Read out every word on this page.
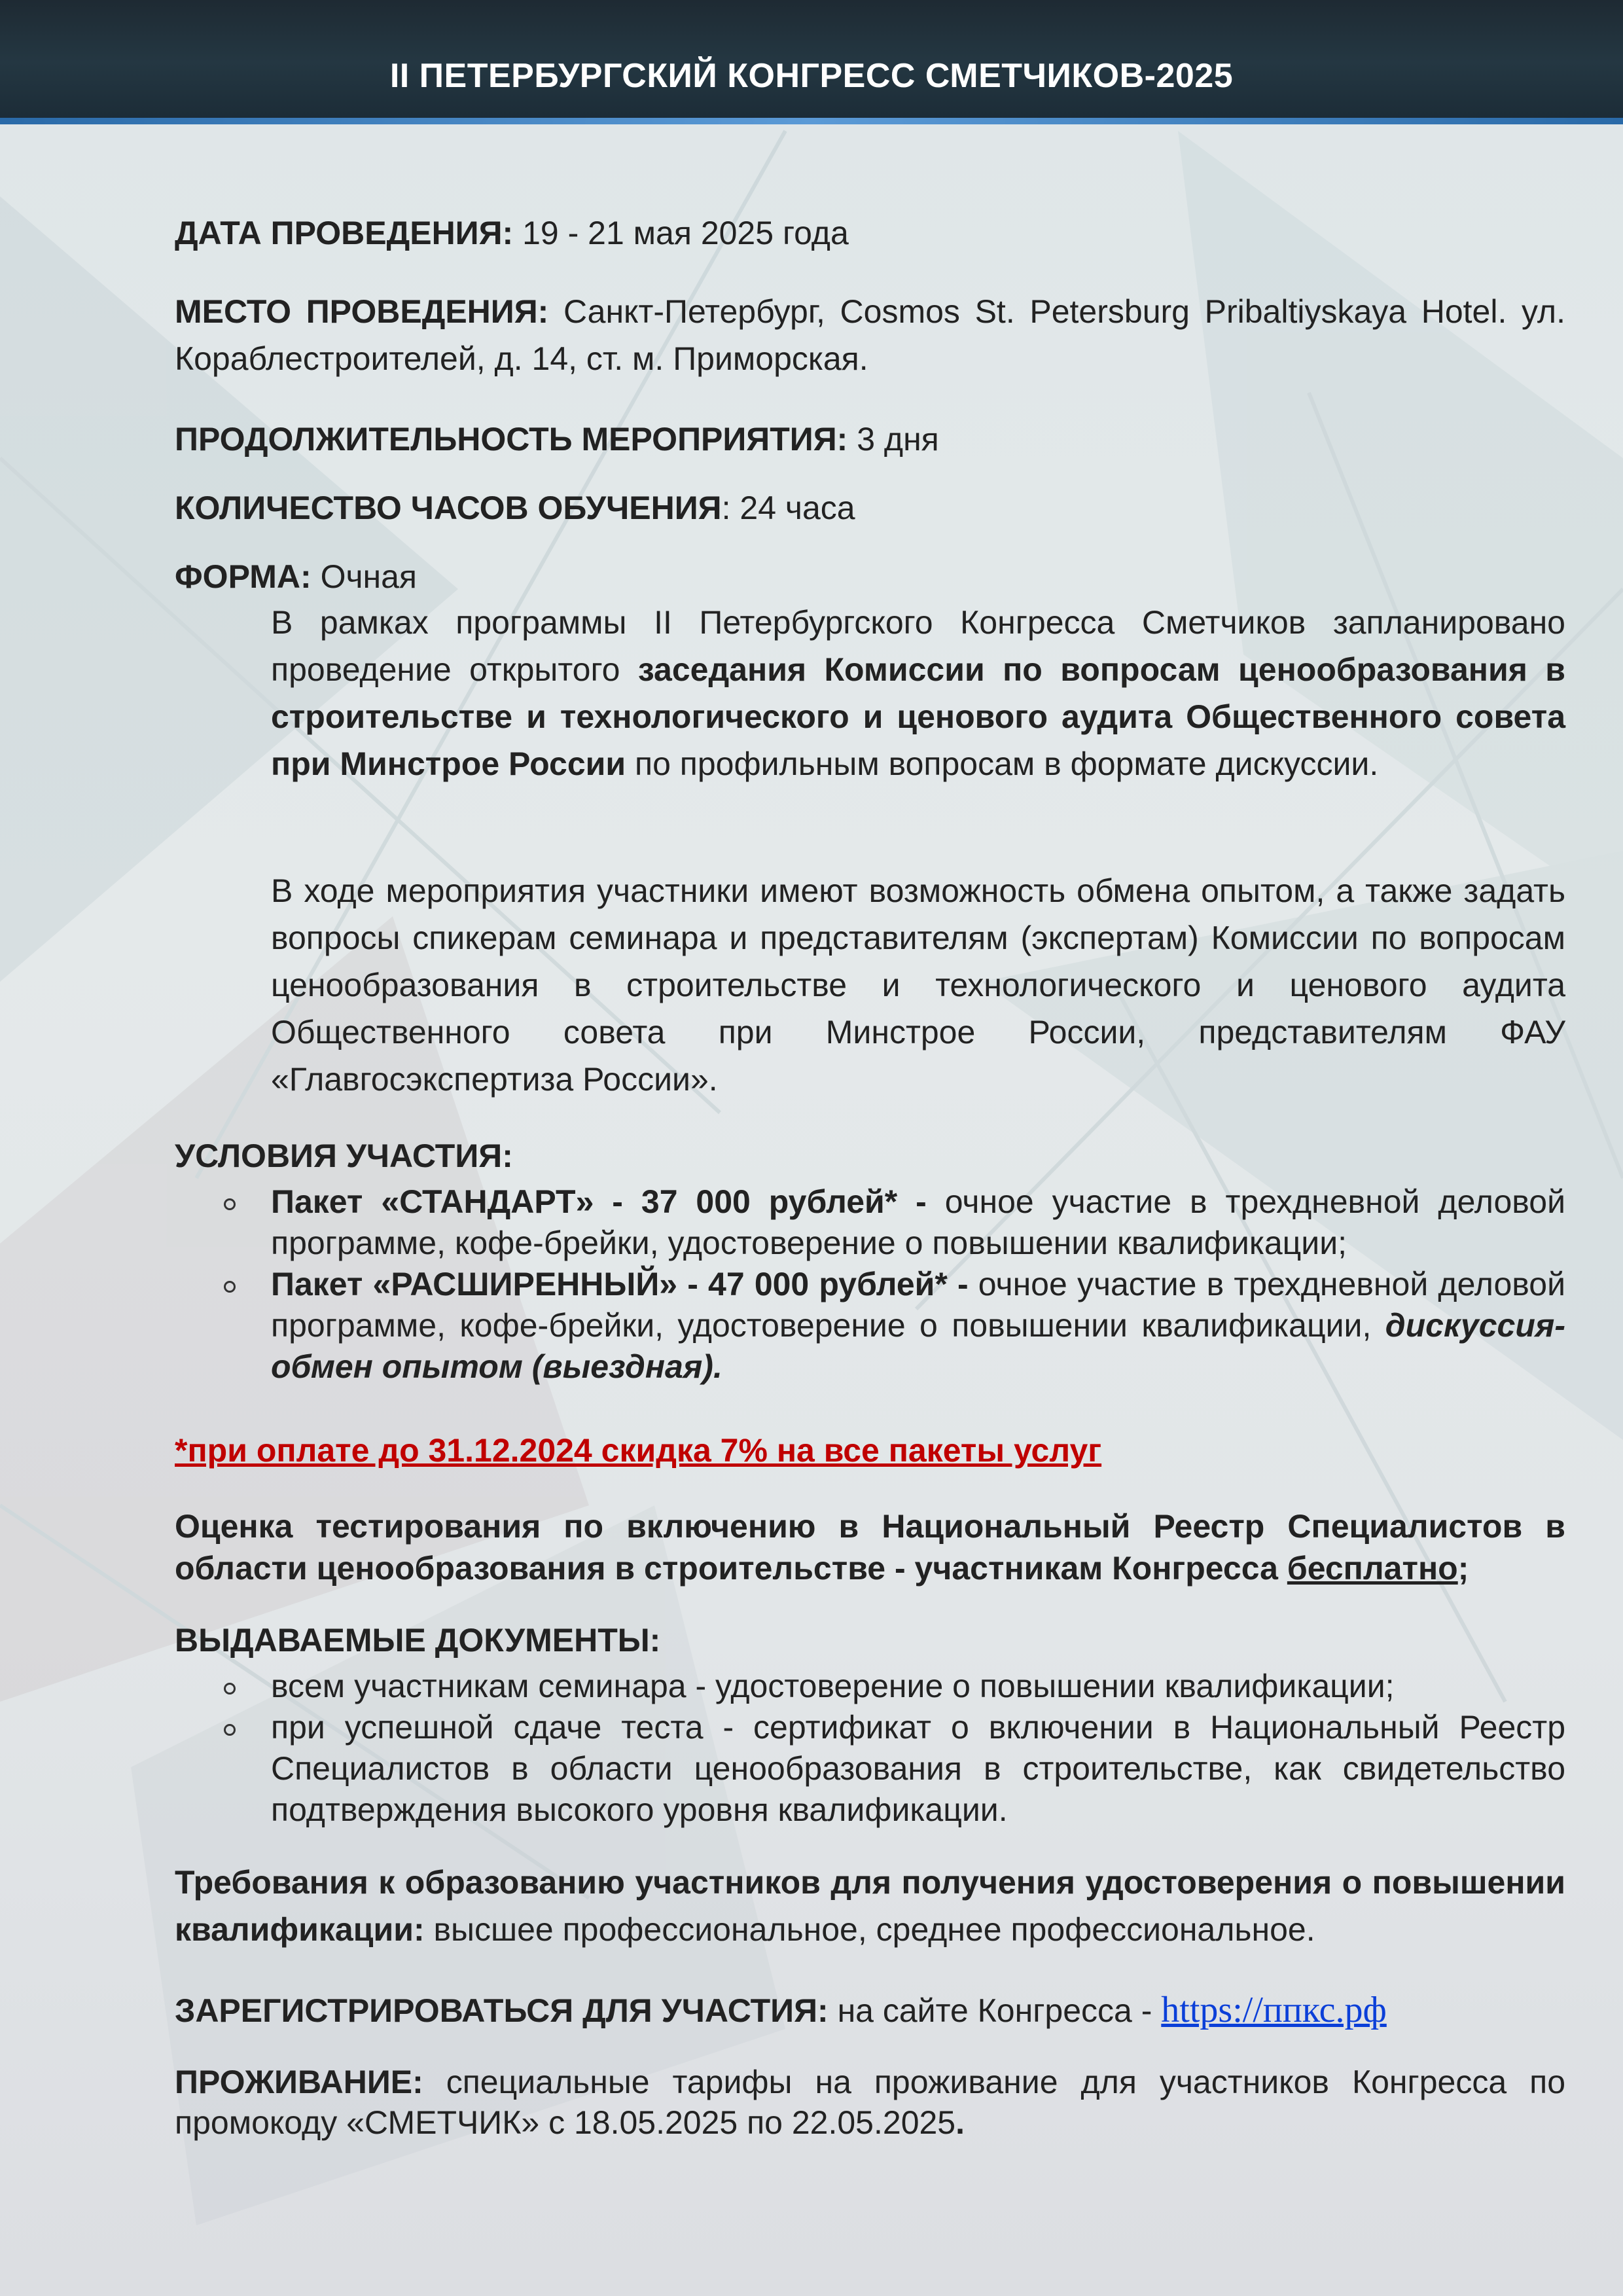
II ПЕТЕРБУРГСКИЙ КОНГРЕСС СМЕТЧИКОВ-2025

ДАТА ПРОВЕДЕНИЯ: 19 - 21 мая 2025 года

МЕСТО ПРОВЕДЕНИЯ: Санкт-Петербург, Cosmos St. Petersburg Pribaltiyskaya Hotel. ул. Кораблестроителей, д. 14, ст. м. Приморская.

ПРОДОЛЖИТЕЛЬНОСТЬ МЕРОПРИЯТИЯ: 3 дня

КОЛИЧЕСТВО ЧАСОВ ОБУЧЕНИЯ: 24 часа

ФОРМА: Очная

В рамках программы II Петербургского Конгресса Сметчиков запланировано проведение открытого заседания Комиссии по вопросам ценообразования в строительстве и технологического и ценового аудита Общественного совета при Минстрое России по профильным вопросам в формате дискуссии.

В ходе мероприятия участники имеют возможность обмена опытом, а также задать вопросы спикерам семинара и представителям (экспертам) Комиссии по вопросам ценообразования в строительстве и технологического и ценового аудита Общественного совета при Минстрое России, представителям ФАУ «Главгосэкспертиза России».

УСЛОВИЯ УЧАСТИЯ:

Пакет «СТАНДАРТ» - 37 000 рублей* - очное участие в трехдневной деловой программе, кофе-брейки, удостоверение о повышении квалификации;
Пакет «РАСШИРЕННЫЙ» - 47 000 рублей* - очное участие в трехдневной деловой программе, кофе-брейки, удостоверение о повышении квалификации, дискуссия-обмен опытом (выездная).

*при оплате до 31.12.2024 скидка 7% на все пакеты услуг

Оценка тестирования по включению в Национальный Реестр Специалистов в области ценообразования в строительстве - участникам Конгресса бесплатно;

ВЫДАВАЕМЫЕ ДОКУМЕНТЫ:

всем участникам семинара - удостоверение о повышении квалификации;
при успешной сдаче теста - сертификат о включении в Национальный Реестр Специалистов в области ценообразования в строительстве, как свидетельство подтверждения высокого уровня квалификации.

Требования к образованию участников для получения удостоверения о повышении квалификации: высшее профессиональное, среднее профессиональное.

ЗАРЕГИСТРИРОВАТЬСЯ ДЛЯ УЧАСТИЯ: на сайте Конгресса - https://ппкс.рф

ПРОЖИВАНИЕ: специальные тарифы на проживание для участников Конгресса по промокоду «СМЕТЧИК» с 18.05.2025 по 22.05.2025.
